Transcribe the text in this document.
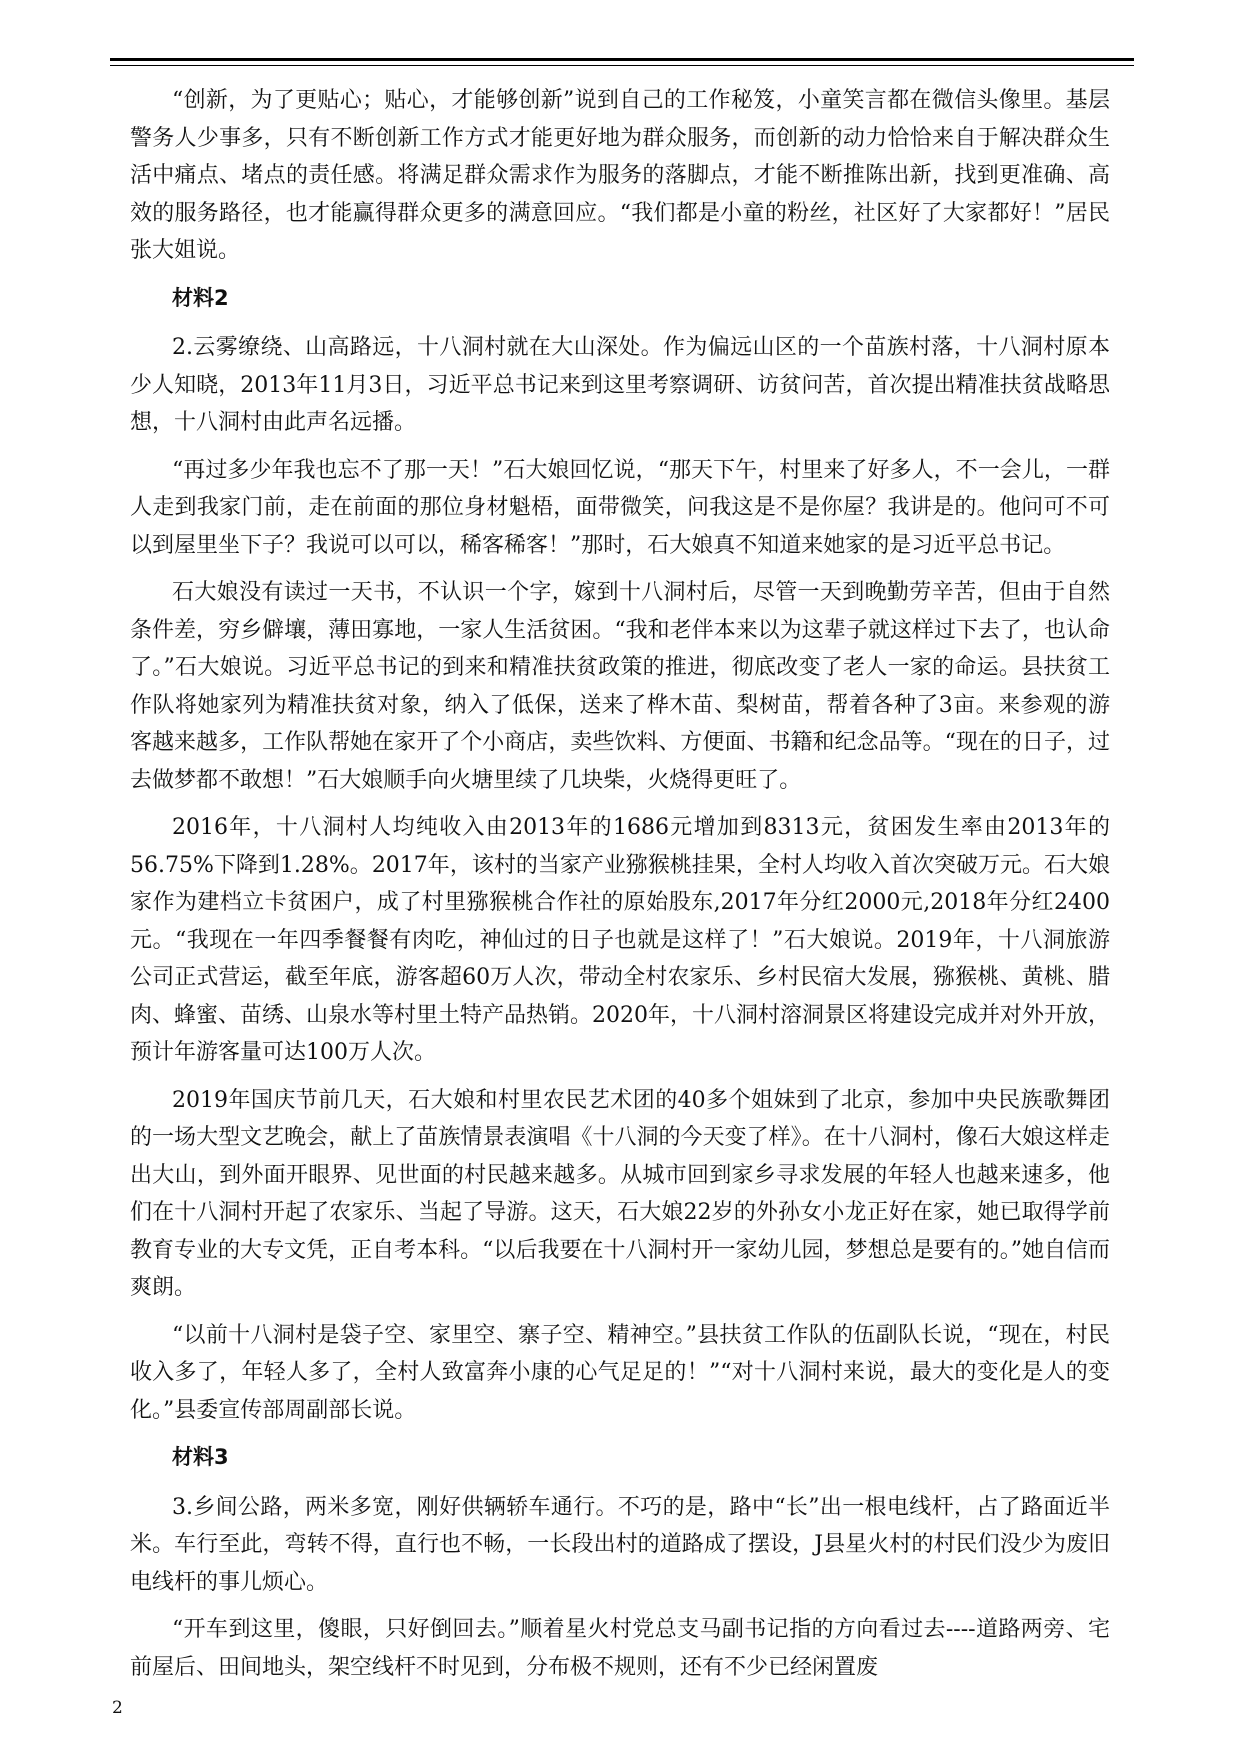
“创新，为了更贴心；贴心，才能够创新”说到自己的工作秘笈，小童笑言都在微信头像里。基层警务人少事多，只有不断创新工作方式才能更好地为群众服务，而创新的动力恰恰来自于解决群众生活中痛点、堵点的责任感。将满足群众需求作为服务的落脚点，才能不断推陈出新，找到更准确、高效的服务路径，也才能赢得群众更多的满意回应。“我们都是小童的粉丝，社区好了大家都好！”居民张大姐说。

材料2

2.云雾缭绕、山高路远，十八洞村就在大山深处。作为偏远山区的一个苗族村落，十八洞村原本少人知晓，2013年11月3日，习近平总书记来到这里考察调研、访贫问苦，首次提出精准扶贫战略思想，十八洞村由此声名远播。

“再过多少年我也忘不了那一天！”石大娘回忆说，“那天下午，村里来了好多人，不一会儿，一群人走到我家门前，走在前面的那位身材魁梧，面带微笑，问我这是不是你屋？我讲是的。他问可不可以到屋里坐下子？我说可以可以，稀客稀客！”那时，石大娘真不知道来她家的是习近平总书记。

石大娘没有读过一天书，不认识一个字，嫁到十八洞村后，尽管一天到晚勤劳辛苦，但由于自然条件差，穷乡僻壤，薄田寡地，一家人生活贫困。“我和老伴本来以为这辈子就这样过下去了，也认命了。”石大娘说。习近平总书记的到来和精准扶贫政策的推进，彻底改变了老人一家的命运。县扶贫工作队将她家列为精准扶贫对象，纳入了低保，送来了桦木苗、梨树苗，帮着各种了3亩。来参观的游客越来越多，工作队帮她在家开了个小商店，卖些饮料、方便面、书籍和纪念品等。“现在的日子，过去做梦都不敢想！”石大娘顺手向火塘里续了几块柴，火烧得更旺了。

2016年，十八洞村人均纯收入由2013年的1686元增加到8313元，贫困发生率由2013年的56.75%下降到1.28%。2017年，该村的当家产业猕猴桃挂果，全村人均收入首次突破万元。石大娘家作为建档立卡贫困户，成了村里猕猴桃合作社的原始股东,2017年分红2000元,2018年分红2400元。“我现在一年四季餐餐有肉吃，神仙过的日子也就是这样了！”石大娘说。2019年，十八洞旅游公司正式营运，截至年底，游客超60万人次，带动全村农家乐、乡村民宿大发展，猕猴桃、黄桃、腊肉、蜂蜜、苗绣、山泉水等村里土特产品热销。2020年，十八洞村溶洞景区将建设完成并对外开放，预计年游客量可达100万人次。

2019年国庆节前几天，石大娘和村里农民艺术团的40多个姐妹到了北京，参加中央民族歌舞团的一场大型文艺晚会，献上了苗族情景表演唱《十八洞的今天变了样》。在十八洞村，像石大娘这样走出大山，到外面开眼界、见世面的村民越来越多。从城市回到家乡寻求发展的年轻人也越来速多，他们在十八洞村开起了农家乐、当起了导游。这天，石大娘22岁的外孙女小龙正好在家，她已取得学前教育专业的大专文凭，正自考本科。“以后我要在十八洞村开一家幼儿园，梦想总是要有的。”她自信而爽朗。

“以前十八洞村是袋子空、家里空、寨子空、精神空。”县扶贫工作队的伍副队长说，“现在，村民收入多了，年轻人多了，全村人致富奔小康的心气足足的！”“对十八洞村来说，最大的变化是人的变化。”县委宣传部周副部长说。

材料3

3.乡间公路，两米多宽，刚好供辆轿车通行。不巧的是，路中“长”出一根电线杆，占了路面近半米。车行至此，弯转不得，直行也不畅，一长段出村的道路成了摆设，J县星火村的村民们没少为废旧电线杆的事儿烦心。

“开车到这里，傻眼，只好倒回去。”顺着星火村党总支马副书记指的方向看过去----道路两旁、宅前屋后、田间地头，架空线杆不时见到，分布极不规则，还有不少已经闲置废

2
